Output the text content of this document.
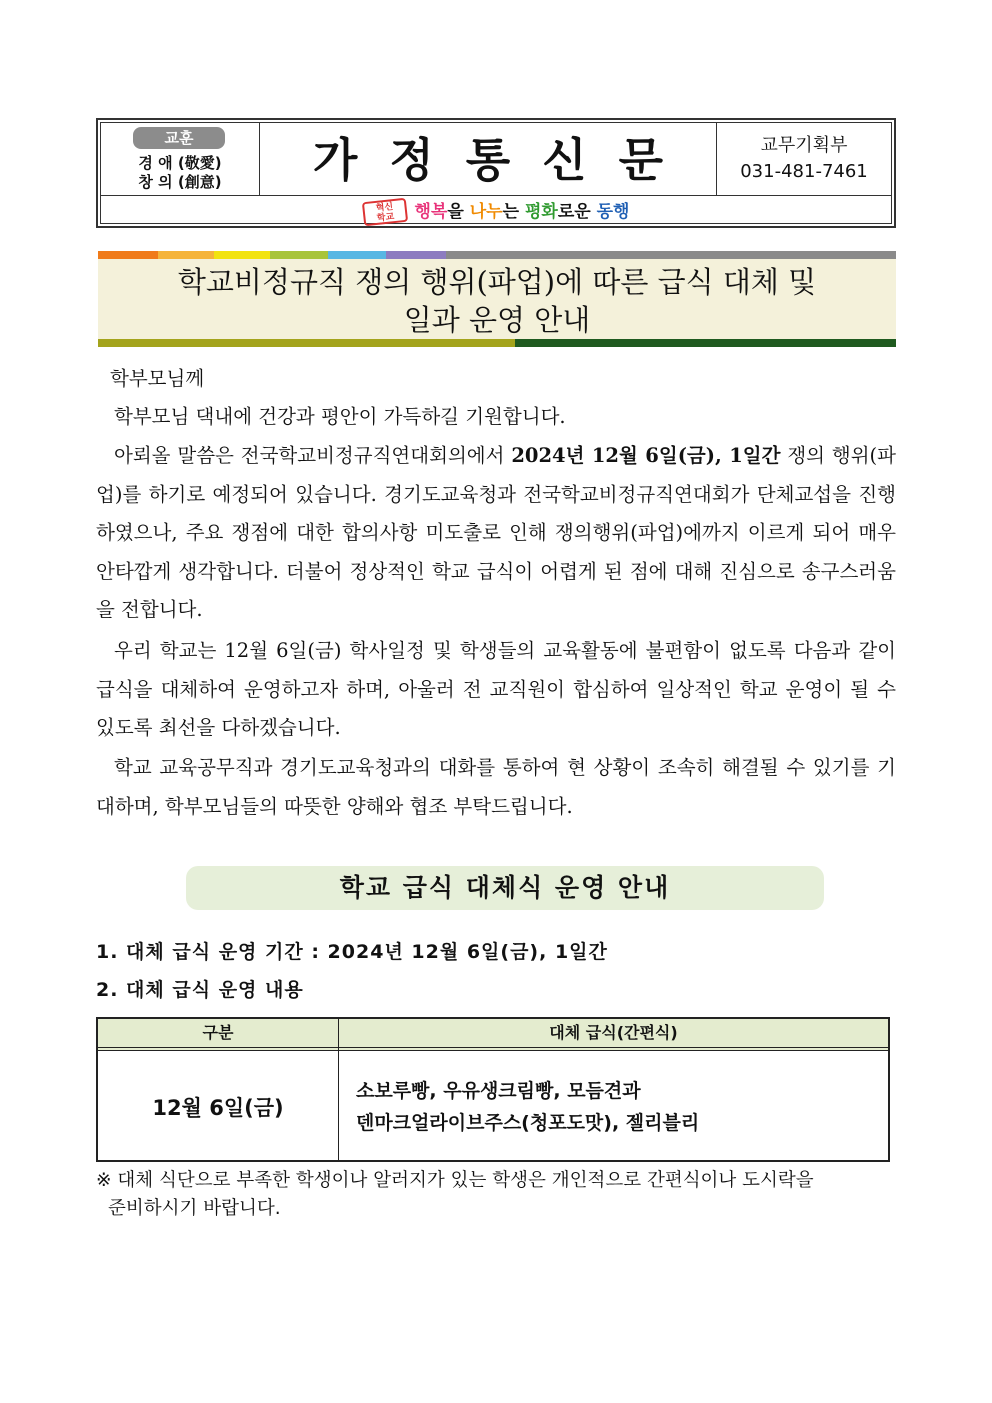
교훈
경 애 (敬愛)
창 의 (創意)	가정통신문	교무기획부
031-481-7461
혁신
학교	행복을 나누는 평화로운 동행
학교비정규직 쟁의 행위(파업)에 따른 급식 대체 및
일과 운영 안내

학부모님께

학부모님 댁내에 건강과 평안이 가득하길 기원합니다.

아뢰올 말씀은 전국학교비정규직연대회의에서 2024년 12월 6일(금), 1일간 쟁의 행위(파업)를 하기로 예정되어 있습니다. 경기도교육청과 전국학교비정규직연대회가 단체교섭을 진행하였으나, 주요 쟁점에 대한 합의사항 미도출로 인해 쟁의행위(파업)에까지 이르게 되어 매우 안타깝게 생각합니다. 더불어 정상적인 학교 급식이 어렵게 된 점에 대해 진심으로 송구스러움을 전합니다.

우리 학교는 12월 6일(금) 학사일정 및 학생들의 교육활동에 불편함이 없도록 다음과 같이 급식을 대체하여 운영하고자 하며, 아울러 전 교직원이 합심하여 일상적인 학교 운영이 될 수 있도록 최선을 다하겠습니다.

학교 교육공무직과 경기도교육청과의 대화를 통하여 현 상황이 조속히 해결될 수 있기를 기대하며, 학부모님들의 따뜻한 양해와 협조 부탁드립니다.

학교 급식 대체식 운영 안내
1. 대체 급식 운영 기간 : 2024년 12월 6일(금), 1일간
2. 대체 급식 운영 내용
구분	대체 급식(간편식)
12월 6일(금)
소보루빵, 우유생크림빵, 모듬견과
덴마크얼라이브주스(청포도맛), 젤리블리

※ 대체 식단으로 부족한 학생이나 알러지가 있는 학생은 개인적으로 간편식이나 도시락을

준비하시기 바랍니다.
